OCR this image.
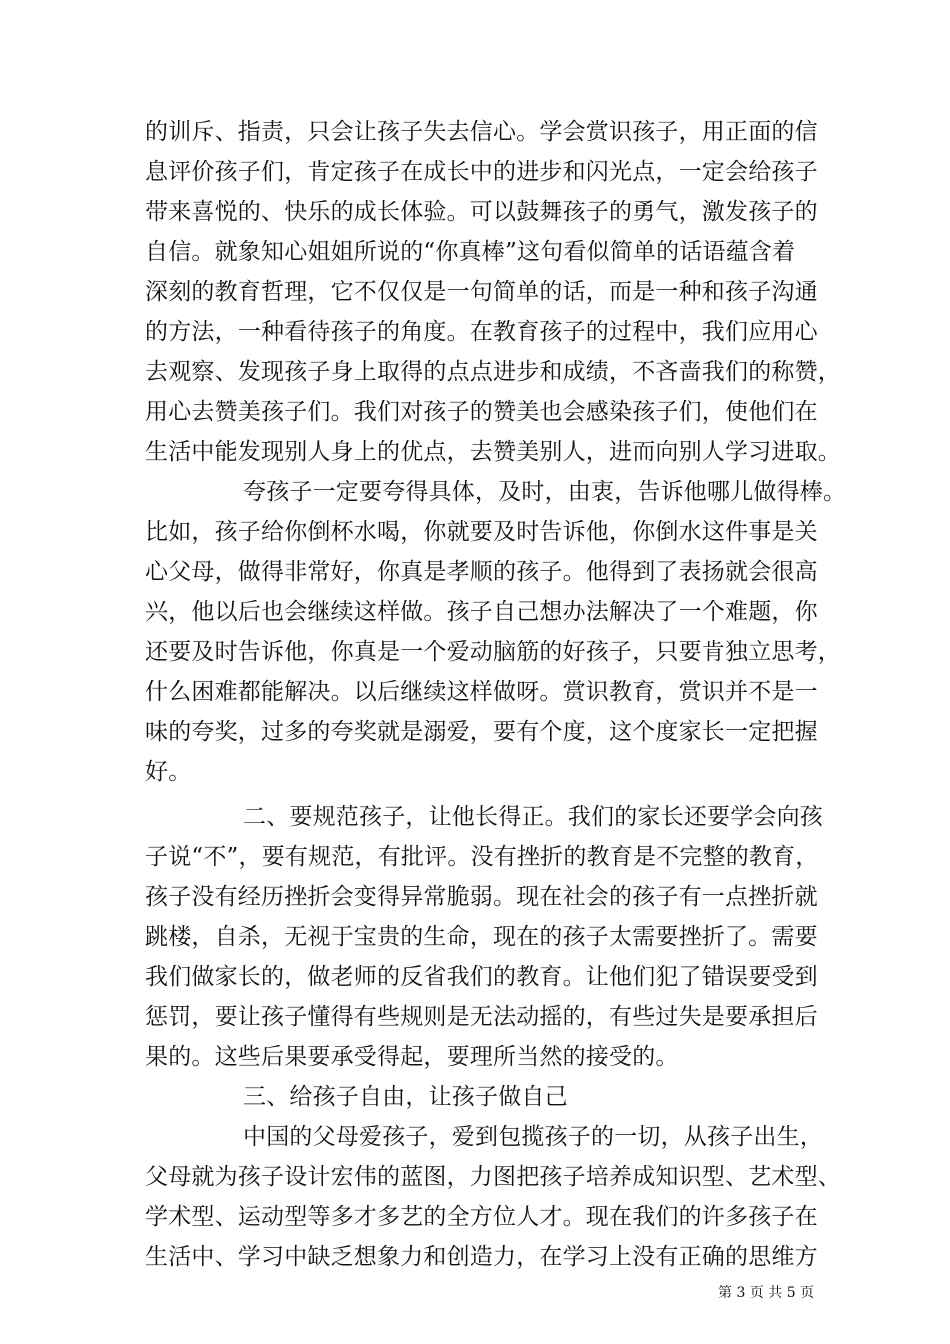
的训斥、指责，只会让孩子失去信心。学会赏识孩子，用正面的信
息评价孩子们，肯定孩子在成长中的进步和闪光点，一定会给孩子
带来喜悦的、快乐的成长体验。可以鼓舞孩子的勇气，激发孩子的
自信。就象知心姐姐所说的“你真棒”这句看似简单的话语蕴含着
深刻的教育哲理，它不仅仅是一句简单的话，而是一种和孩子沟通
的方法，一种看待孩子的角度。在教育孩子的过程中，我们应用心
去观察、发现孩子身上取得的点点进步和成绩，不吝啬我们的称赞，
用心去赞美孩子们。我们对孩子的赞美也会感染孩子们，使他们在
生活中能发现别人身上的优点，去赞美别人，进而向别人学习进取。
夸孩子一定要夸得具体，及时，由衷，告诉他哪儿做得棒。
比如，孩子给你倒杯水喝，你就要及时告诉他，你倒水这件事是关
心父母，做得非常好，你真是孝顺的孩子。他得到了表扬就会很高
兴，他以后也会继续这样做。孩子自己想办法解决了一个难题，你
还要及时告诉他，你真是一个爱动脑筋的好孩子，只要肯独立思考，
什么困难都能解决。以后继续这样做呀。赏识教育，赏识并不是一
味的夸奖，过多的夸奖就是溺爱，要有个度，这个度家长一定把握
好。
二、要规范孩子，让他长得正。我们的家长还要学会向孩
子说“不”，要有规范，有批评。没有挫折的教育是不完整的教育，
孩子没有经历挫折会变得异常脆弱。现在社会的孩子有一点挫折就
跳楼，自杀，无视于宝贵的生命，现在的孩子太需要挫折了。需要
我们做家长的，做老师的反省我们的教育。让他们犯了错误要受到
惩罚，要让孩子懂得有些规则是无法动摇的，有些过失是要承担后
果的。这些后果要承受得起，要理所当然的接受的。
三、给孩子自由，让孩子做自己
中国的父母爱孩子，爱到包揽孩子的一切，从孩子出生，
父母就为孩子设计宏伟的蓝图，力图把孩子培养成知识型、艺术型、
学术型、运动型等多才多艺的全方位人才。现在我们的许多孩子在
生活中、学习中缺乏想象力和创造力，在学习上没有正确的思维方
第 3 页 共 5 页
